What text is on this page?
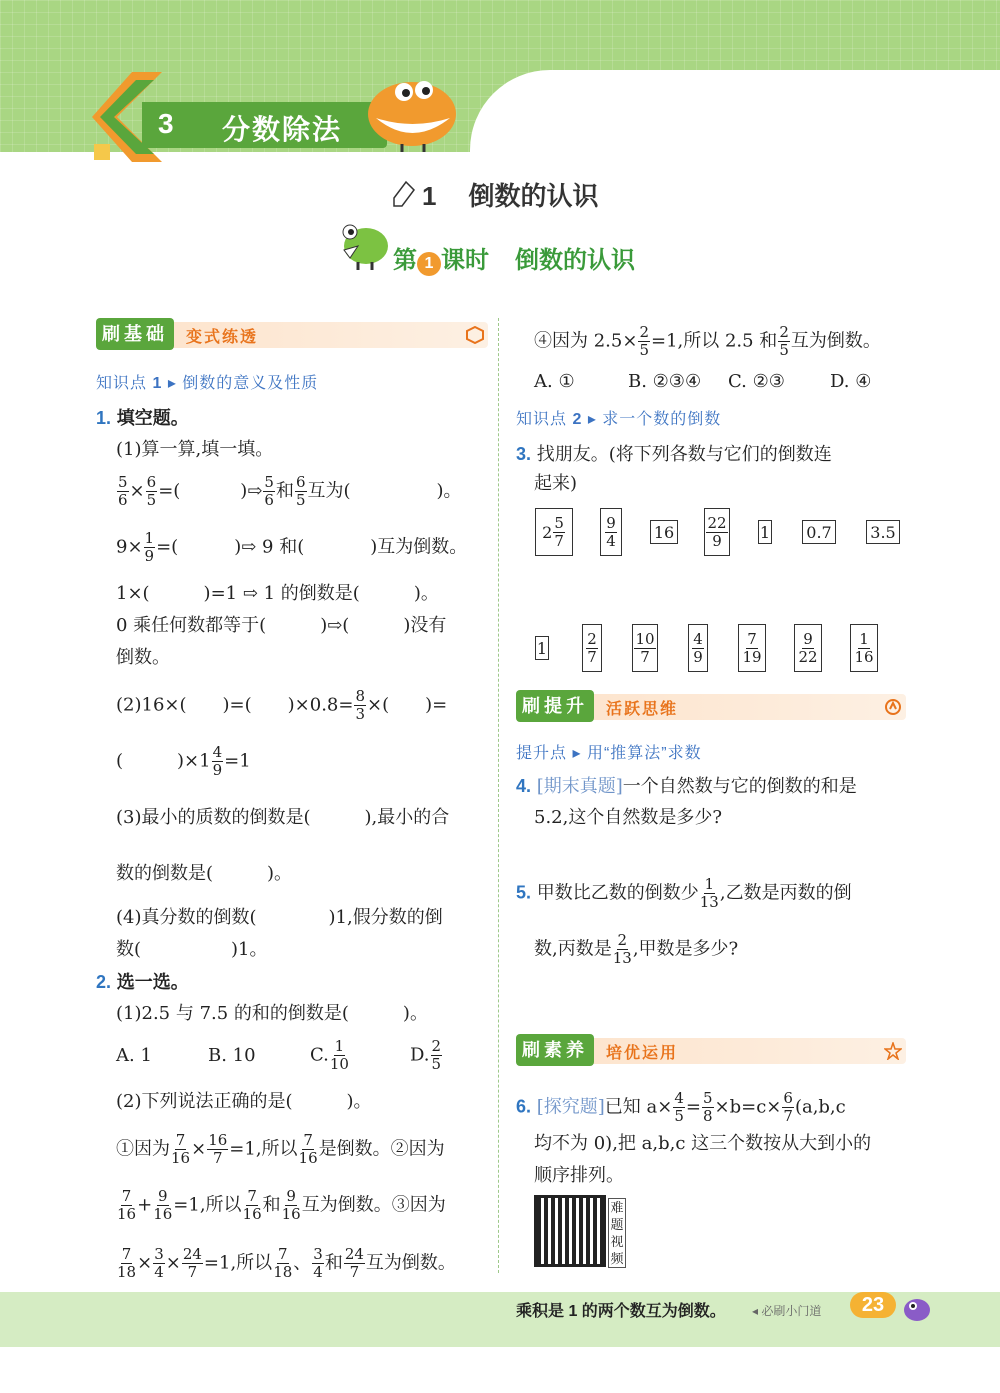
3 分数除法
1 倒数的认识
第 1 课时 倒数的认识
刷基础	变式练透
知识点 1 ▸ 倒数的意义及性质
1. 填空题。
(1)算一算,填一填。
$\frac{5}{6} \times \frac{6}{5}$ =(	)⇨ $\frac{5}{6}$ 和 $\frac{6}{5}$ 互为(	)。
$9\times \frac{1}{9}$ =(	)⇨ 9 和(	)互为倒数。
1×(　　　)=1 ⇨ 1 的倒数是(　　　)。
0 乘任何数都等于(　　　)⇨(　　　)没有
倒数。
(2)16×(　　)=(　　)$\times 0.8= \frac{8}{3}$ ×(　　)=
(　　　)$\times 1 \frac{4}{9} =1$
(3)最小的质数的倒数是(　　　),最小的合
数的倒数是(　　　)。
(4)真分数的倒数(　　　　)1,假分数的倒
数(　　　　　)1。
2. 选一选。
(1)2.5 与 7.5 的和的倒数是(　　　)。
A. 1	B. 10	C. $\frac{1}{10}$	D. $\frac{2}{5}$
(2)下列说法正确的是(　　　)。
①因为 $\frac{7}{16} \times \frac{16}{7} =1$,所以 $\frac{7}{16}$ 是倒数。②因为
$\frac{7}{16} + \frac{9}{16} =1$,所以 $\frac{7}{16}$ 和 $\frac{9}{16}$ 互为倒数。③因为
$\frac{7}{18} \times \frac{3}{4} \times \frac{24}{7} =1$,所以 $\frac{7}{18}$ 、 $\frac{3}{4}$ 和 $\frac{24}{7}$ 互为倒数。
④因为 $2.5\times \frac{2}{5} =1$,所以 2.5 和 $\frac{2}{5}$ 互为倒数。
A. ①	B. ②③④ C. ②③	D. ④
知识点 2 ▸ 求一个数的倒数
3. 找朋友。(将下列各数与它们的倒数连
起来)
$2 \frac{5}{7}$	$\frac{9}{4} 16 \frac{22}{9} 1$ 0.7 3.5
1	$\frac{2}{7} \frac{10}{7} \frac{4}{9}$	$\frac{7}{19} \frac{9}{22} \frac{1}{16}$
刷提升	活跃思维
提升点 ▸ 用“推算法”求数
4. [期末真题]一个自然数与它的倒数的和是
5.2,这个自然数是多少?
5. 甲数比乙数的倒数少 $\frac{1}{13}$ ,乙数是丙数的倒
数,丙数是 $\frac{2}{13}$ ,甲数是多少?
刷素养	培优运用
6. [探究题]已知 $a\times \frac{4}{5} = \frac{5}{8} \times b=c\times \frac{6}{7} (a,b,c$
均不为 0),把 a,b,c 这三个数按从大到小的
顺序排列。
难题视频
乘积是 1 的两个数互为倒数。 ◂ 必刷小门道	23
